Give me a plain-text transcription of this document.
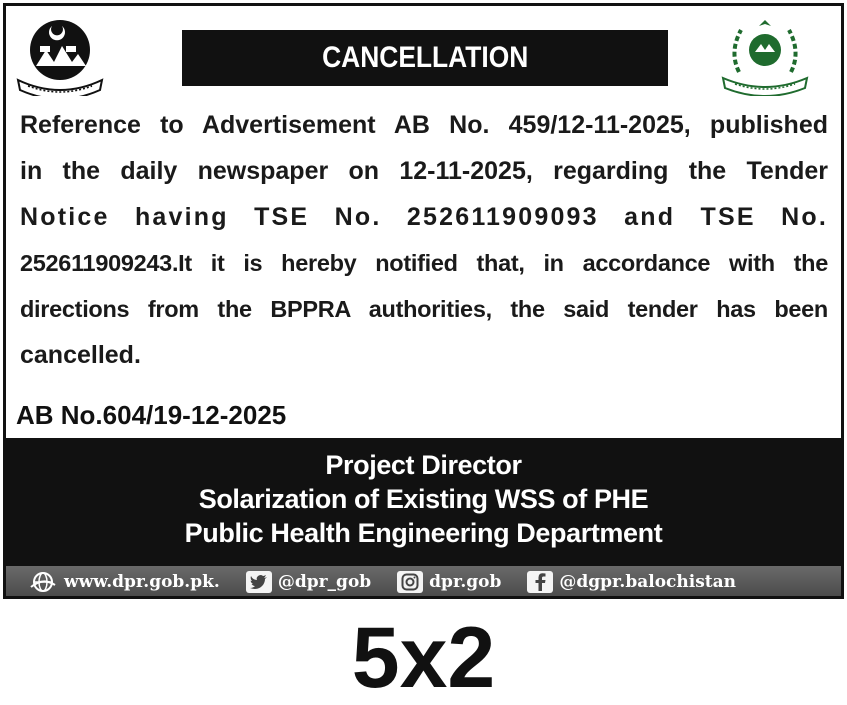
CANCELLATION
Reference to Advertisement AB No. 459/12-11-2025, published
in the daily newspaper on 12-11-2025, regarding the Tender
Notice having TSE No. 252611909093 and TSE No.
252611909243.It it is hereby notified that, in accordance with the
directions from the BPPRA authorities, the said tender has been
cancelled.
AB No.604/19-12-2025
Project Director
Solarization of Existing WSS of PHE
Public Health Engineering Department
www.dpr.gob.pk.	@dpr_gob	dpr.gob	@dgpr.balochistan
5x2
